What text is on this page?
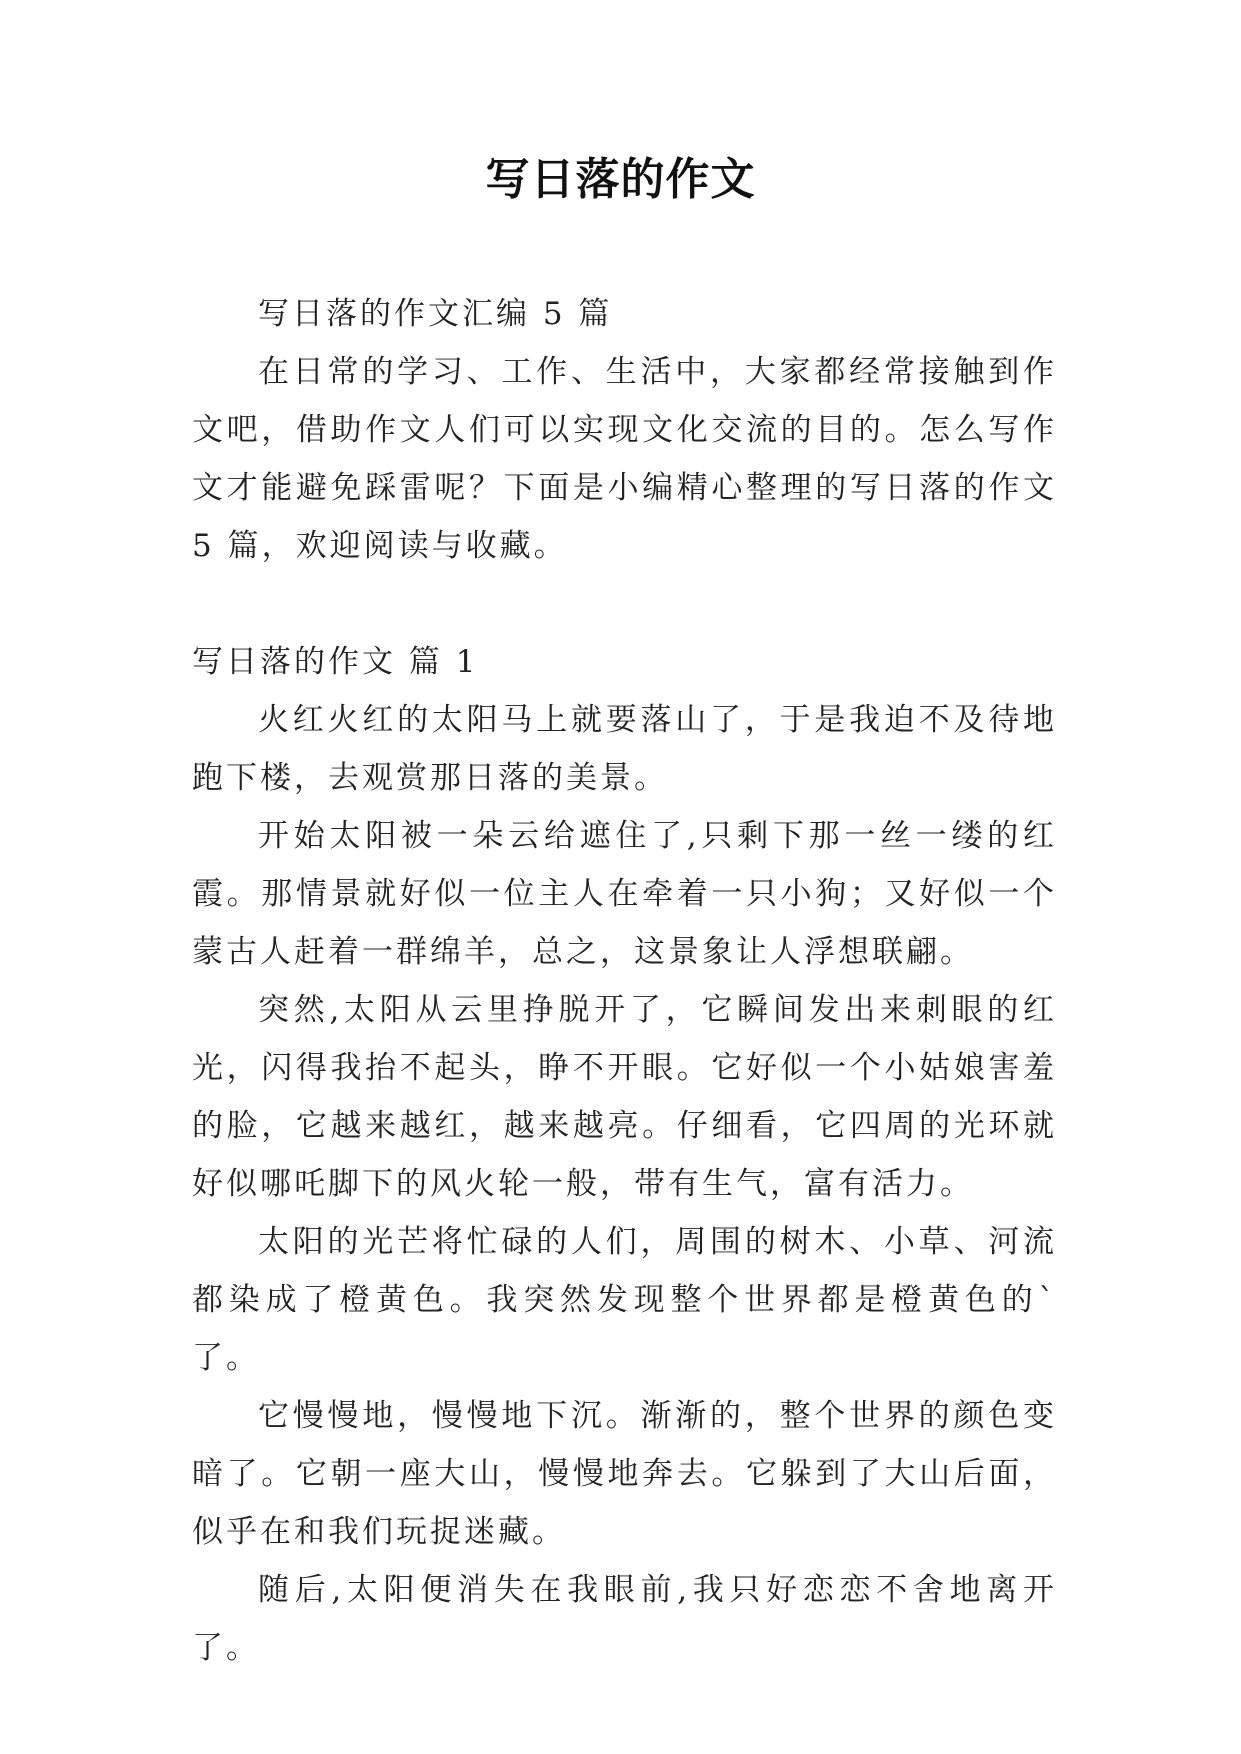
写日落的作文

写日落的作文汇编 5 篇

在日常的学习、工作、生活中，大家都经常接触到作文吧，借助作文人们可以实现文化交流的目的。怎么写作文才能避免踩雷呢？下面是小编精心整理的写日落的作文 5 篇，欢迎阅读与收藏。

写日落的作文 篇 1

火红火红的太阳马上就要落山了，于是我迫不及待地跑下楼，去观赏那日落的美景。

开始太阳被一朵云给遮住了,只剩下那一丝一缕的红霞。那情景就好似一位主人在牵着一只小狗；又好似一个蒙古人赶着一群绵羊，总之，这景象让人浮想联翩。

突然,太阳从云里挣脱开了，它瞬间发出来刺眼的红光，闪得我抬不起头，睁不开眼。它好似一个小姑娘害羞的脸，它越来越红，越来越亮。仔细看，它四周的光环就好似哪吒脚下的风火轮一般，带有生气，富有活力。

太阳的光芒将忙碌的人们，周围的树木、小草、河流都染成了橙黄色。我突然发现整个世界都是橙黄色的`了。

它慢慢地，慢慢地下沉。渐渐的，整个世界的颜色变暗了。它朝一座大山，慢慢地奔去。它躲到了大山后面，似乎在和我们玩捉迷藏。

随后,太阳便消失在我眼前,我只好恋恋不舍地离开了。
